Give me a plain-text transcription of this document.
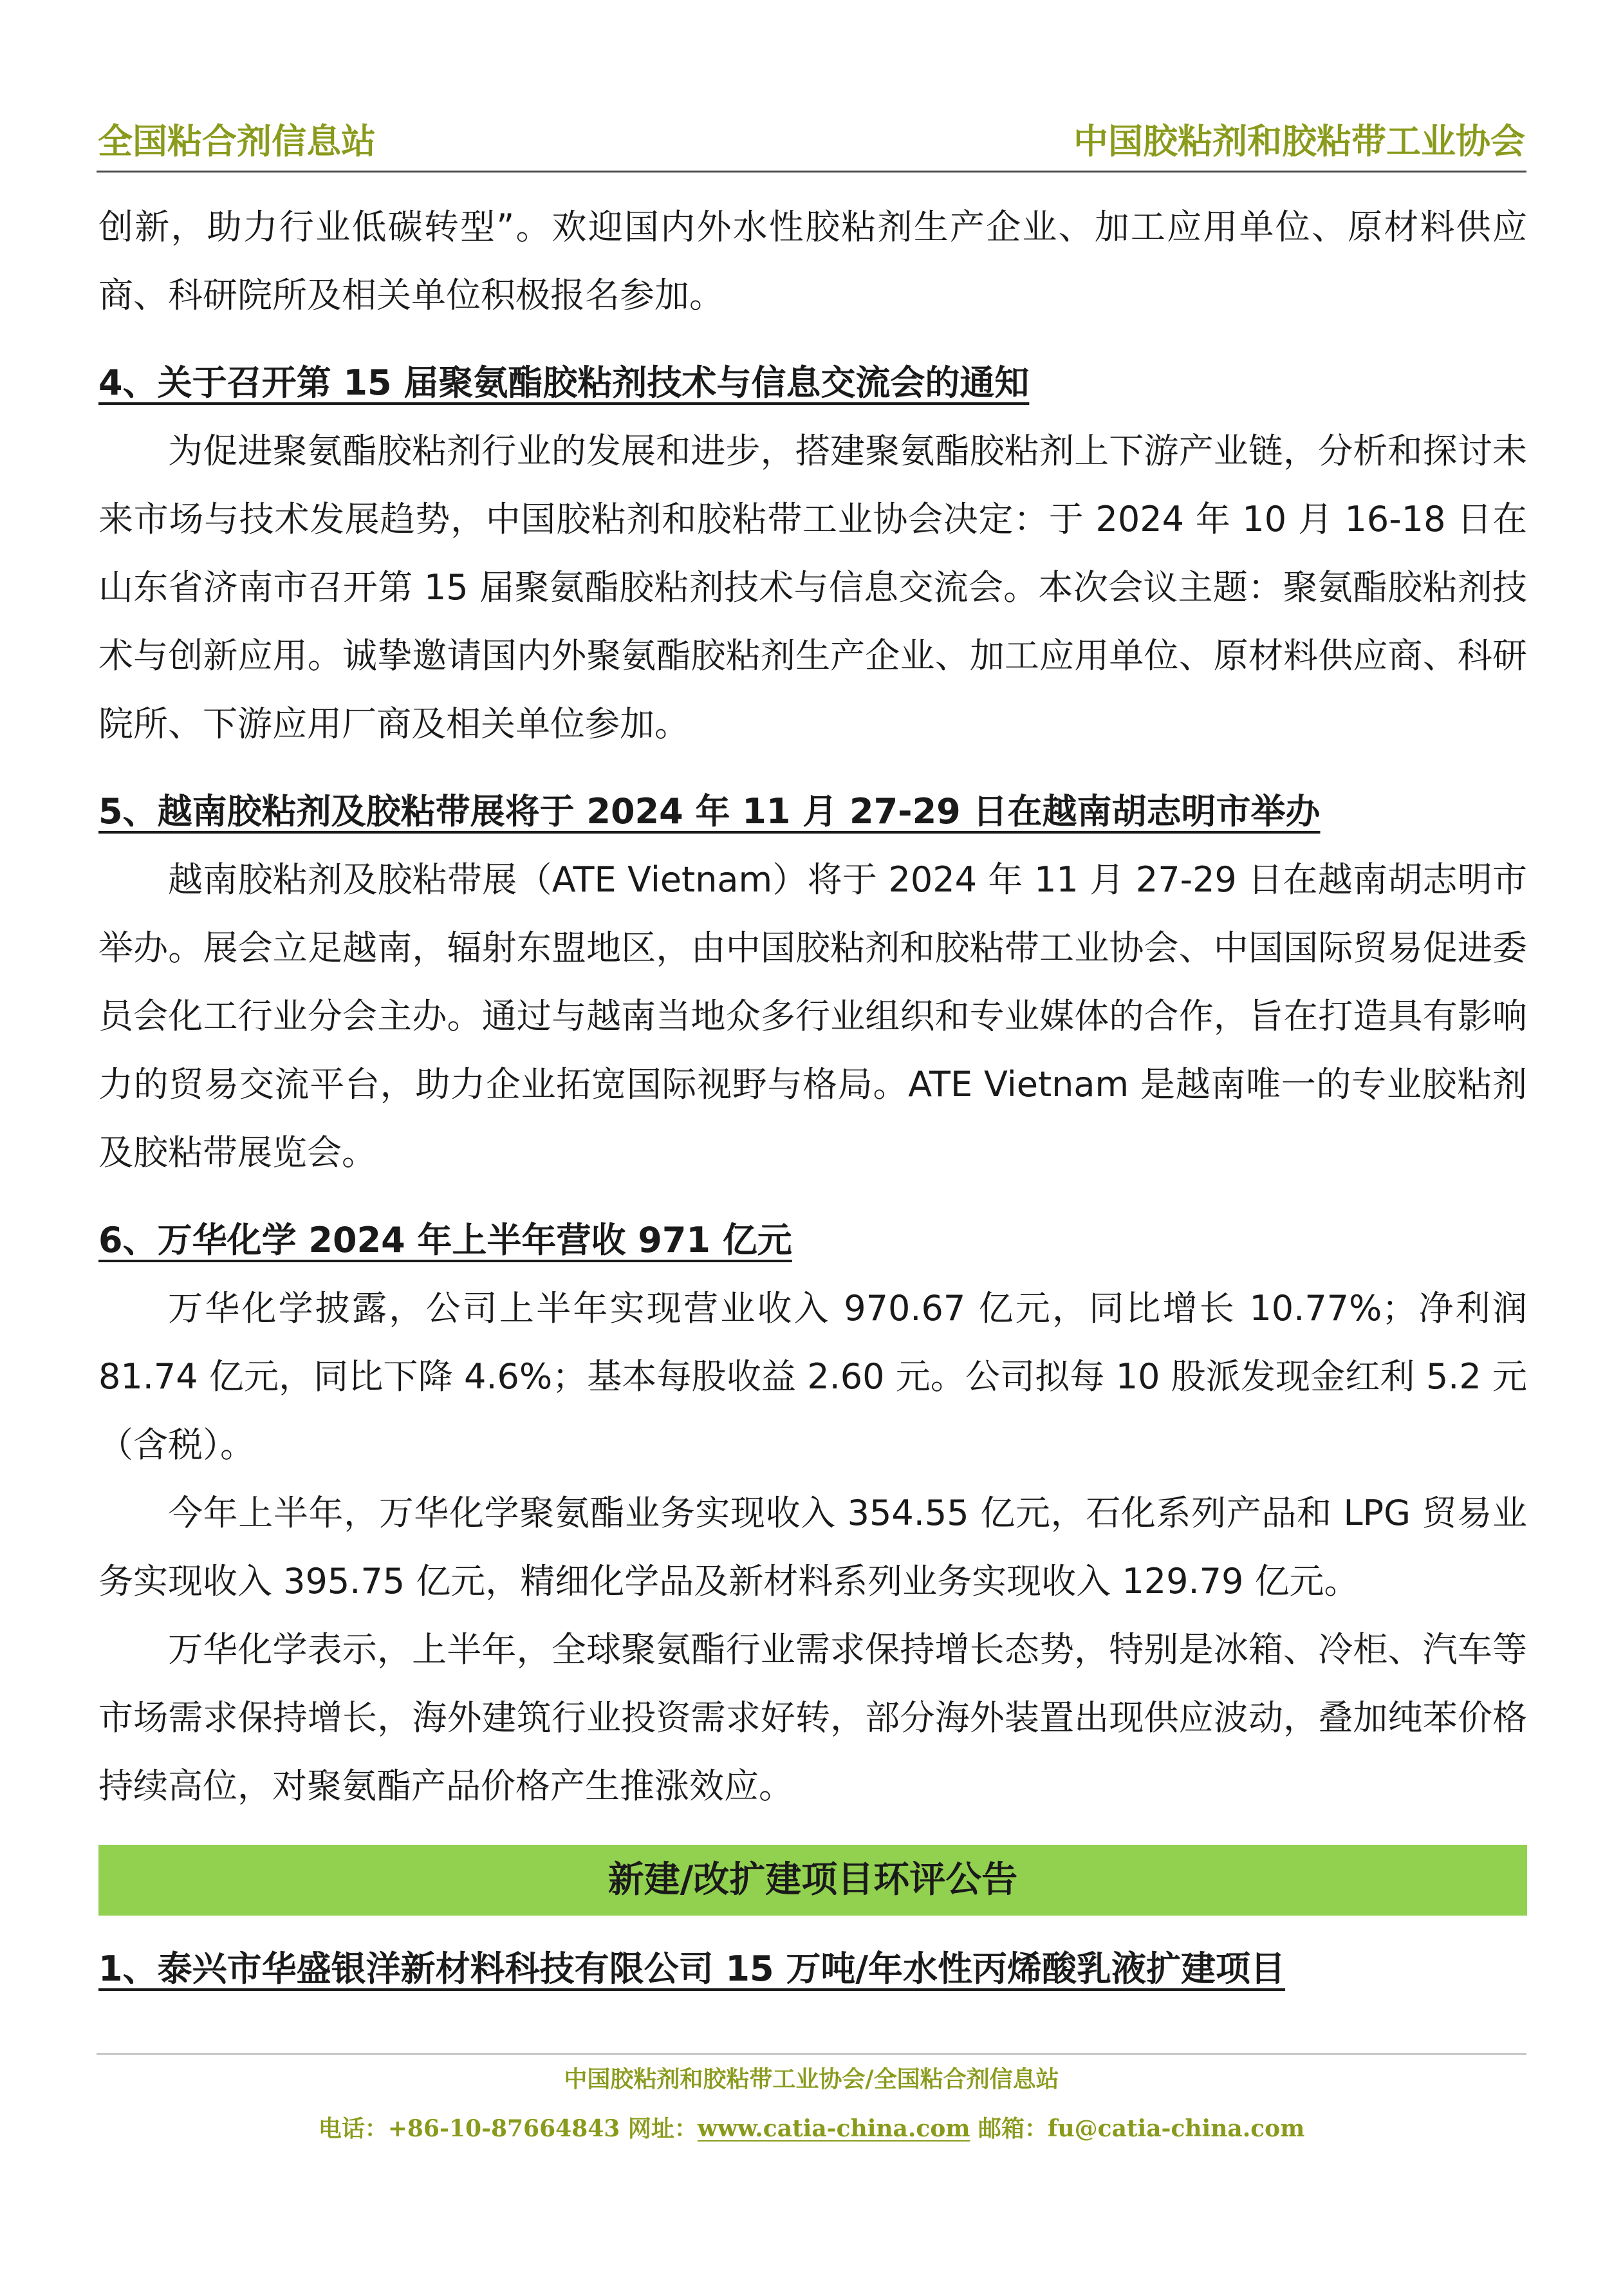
全国粘合剂信息站	中国胶粘剂和胶粘带工业协会

创新，助力行业低碳转型”。欢迎国内外水性胶粘剂生产企业、加工应用单位、原材料供应商、科研院所及相关单位积极报名参加。

4、关于召开第 15 届聚氨酯胶粘剂技术与信息交流会的通知

为促进聚氨酯胶粘剂行业的发展和进步，搭建聚氨酯胶粘剂上下游产业链，分析和探讨未来市场与技术发展趋势，中国胶粘剂和胶粘带工业协会决定：于 2024 年 10 月 16-18 日在山东省济南市召开第 15 届聚氨酯胶粘剂技术与信息交流会。本次会议主题：聚氨酯胶粘剂技术与创新应用。诚挚邀请国内外聚氨酯胶粘剂生产企业、加工应用单位、原材料供应商、科研院所、下游应用厂商及相关单位参加。

5、越南胶粘剂及胶粘带展将于 2024 年 11 月 27-29 日在越南胡志明市举办

越南胶粘剂及胶粘带展（ATE Vietnam）将于 2024 年 11 月 27-29 日在越南胡志明市举办。展会立足越南，辐射东盟地区，由中国胶粘剂和胶粘带工业协会、中国国际贸易促进委员会化工行业分会主办。通过与越南当地众多行业组织和专业媒体的合作，旨在打造具有影响力的贸易交流平台，助力企业拓宽国际视野与格局。ATE Vietnam 是越南唯一的专业胶粘剂及胶粘带展览会。

6、万华化学 2024 年上半年营收 971 亿元

万华化学披露，公司上半年实现营业收入 970.67 亿元，同比增长 10.77%；净利润 81.74 亿元，同比下降 4.6%；基本每股收益 2.60 元。公司拟每 10 股派发现金红利 5.2 元（含税）。

今年上半年，万华化学聚氨酯业务实现收入 354.55 亿元，石化系列产品和 LPG 贸易业务实现收入 395.75 亿元，精细化学品及新材料系列业务实现收入 129.79 亿元。

万华化学表示，上半年，全球聚氨酯行业需求保持增长态势，特别是冰箱、冷柜、汽车等市场需求保持增长，海外建筑行业投资需求好转，部分海外装置出现供应波动，叠加纯苯价格持续高位，对聚氨酯产品价格产生推涨效应。

新建/改扩建项目环评公告

1、泰兴市华盛银洋新材料科技有限公司 15 万吨/年水性丙烯酸乳液扩建项目

中国胶粘剂和胶粘带工业协会/全国粘合剂信息站
电话：+86-10-87664843 网址：www.catia-china.com 邮箱：fu@catia-china.com
